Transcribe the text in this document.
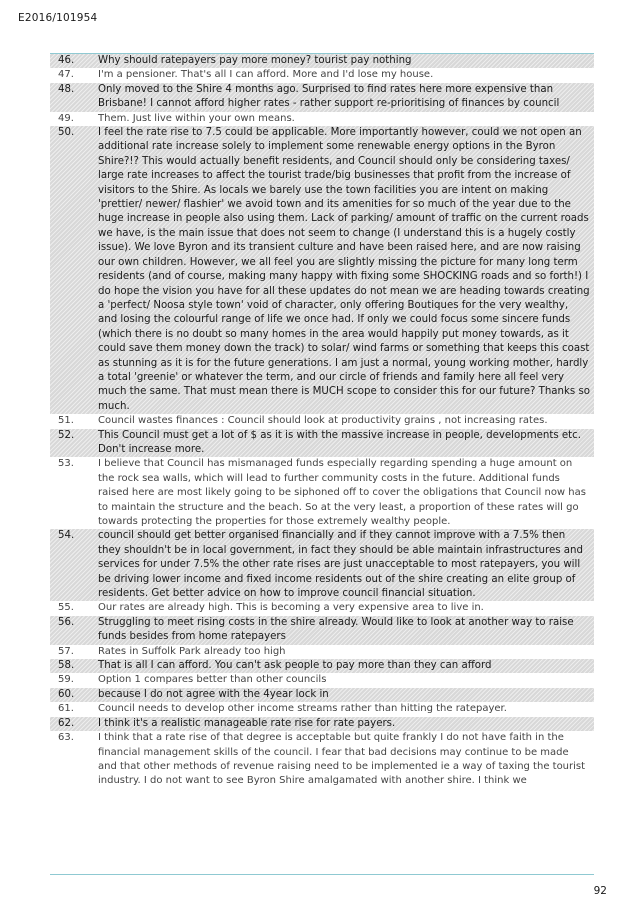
E2016/101954
46.	Why should ratepayers pay more money? tourist pay nothing
47.	I'm a pensioner. That's all I can afford. More and I'd lose my house.
48.	Only moved to the Shire 4 months ago. Surprised to find rates here more expensive than Brisbane! I cannot afford higher rates - rather support re-prioritising of finances by council
49.	Them. Just live within your own means.
50.	I feel the rate rise to 7.5 could be applicable. More importantly however, could we not open an additional rate increase solely to implement some renewable energy options in the Byron Shire?!? This would actually benefit residents, and Council should only be considering taxes/ large rate increases to affect the tourist trade/big businesses that profit from the increase of visitors to the Shire. As locals we barely use the town facilities you are intent on making 'prettier/ newer/ flashier' we avoid town and its amenities for so much of the year due to the huge increase in people also using them. Lack of parking/ amount of traffic on the current roads we have, is the main issue that does not seem to change (I understand this is a hugely costly issue). We love Byron and its transient culture and have been raised here, and are now raising our own children. However, we all feel you are slightly missing the picture for many long term residents (and of course, making many happy with fixing some SHOCKING roads and so forth!) I do hope the vision you have for all these updates do not mean we are heading towards creating a 'perfect/ Noosa style town' void of character, only offering Boutiques for the very wealthy, and losing the colourful range of life we once had. If only we could focus some sincere funds (which there is no doubt so many homes in the area would happily put money towards, as it could save them money down the track) to solar/ wind farms or something that keeps this coast as stunning as it is for the future generations. I am just a normal, young working mother, hardly a total 'greenie' or whatever the term, and our circle of friends and family here all feel very much the same. That must mean there is MUCH scope to consider this for our future? Thanks so much.
51.	Council wastes finances : Council should look at productivity grains , not increasing rates.
52.	This Council must get a lot of $ as it is with the massive increase in people, developments etc. Don't increase more.
53.	I believe that Council has mismanaged funds especially regarding spending a huge amount on the rock sea walls, which will lead to further community costs in the future. Additional funds raised here are most likely going to be siphoned off to cover the obligations that Council now has to maintain the structure and the beach. So at the very least, a proportion of these rates will go towards protecting the properties for those extremely wealthy people.
54.	council should get better organised financially and if they cannot improve with a 7.5% then they shouldn't be in local government, in fact they should be able maintain infrastructures and services for under 7.5% the other rate rises are just unacceptable to most ratepayers, you will be driving lower income and fixed income residents out of the shire creating an elite group of residents. Get better advice on how to improve council financial situation.
55.	Our rates are already high. This is becoming a very expensive area to live in.
56.	Struggling to meet rising costs in the shire already. Would like to look at another way to raise funds besides from home ratepayers
57.	Rates in Suffolk Park already too high
58.	That is all I can afford. You can't ask people to pay more than they can afford
59.	Option 1 compares better than other councils
60.	because I do not agree with the 4year lock in
61.	Council needs to develop other income streams rather than hitting the ratepayer.
62.	I think it's a realistic manageable rate rise for rate payers.
63.	I think that a rate rise of that degree is acceptable but quite frankly I do not have faith in the financial management skills of the council. I fear that bad decisions may continue to be made and that other methods of revenue raising need to be implemented ie a way of taxing the tourist industry. I do not want to see Byron Shire amalgamated with another shire. I think we
92
